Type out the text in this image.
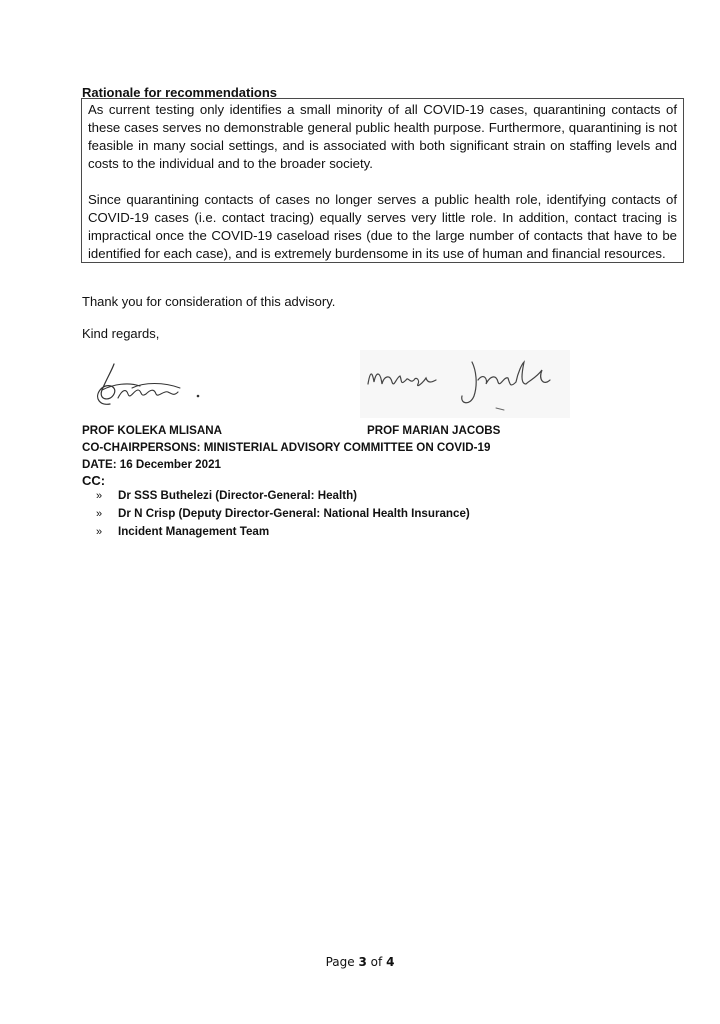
Rationale for recommendations

As current testing only identifies a small minority of all COVID-19 cases, quarantining contacts of these cases serves no demonstrable general public health purpose. Furthermore, quarantining is not feasible in many social settings, and is associated with both significant strain on staffing levels and costs to the individual and to the broader society.

Since quarantining contacts of cases no longer serves a public health role, identifying contacts of COVID-19 cases (i.e. contact tracing) equally serves very little role. In addition, contact tracing is impractical once the COVID-19 caseload rises (due to the large number of contacts that have to be identified for each case), and is extremely burdensome in its use of human and financial resources.

Thank you for consideration of this advisory.

Kind regards,

PROF KOLEKA MLISANA	PROF MARIAN JACOBS

CO-CHAIRPERSONS: MINISTERIAL ADVISORY COMMITTEE ON COVID-19

DATE: 16 December 2021

CC:

»	Dr SSS Buthelezi (Director-General: Health)
»	Dr N Crisp (Deputy Director-General: National Health Insurance)
»	Incident Management Team

Page 3 of 4
